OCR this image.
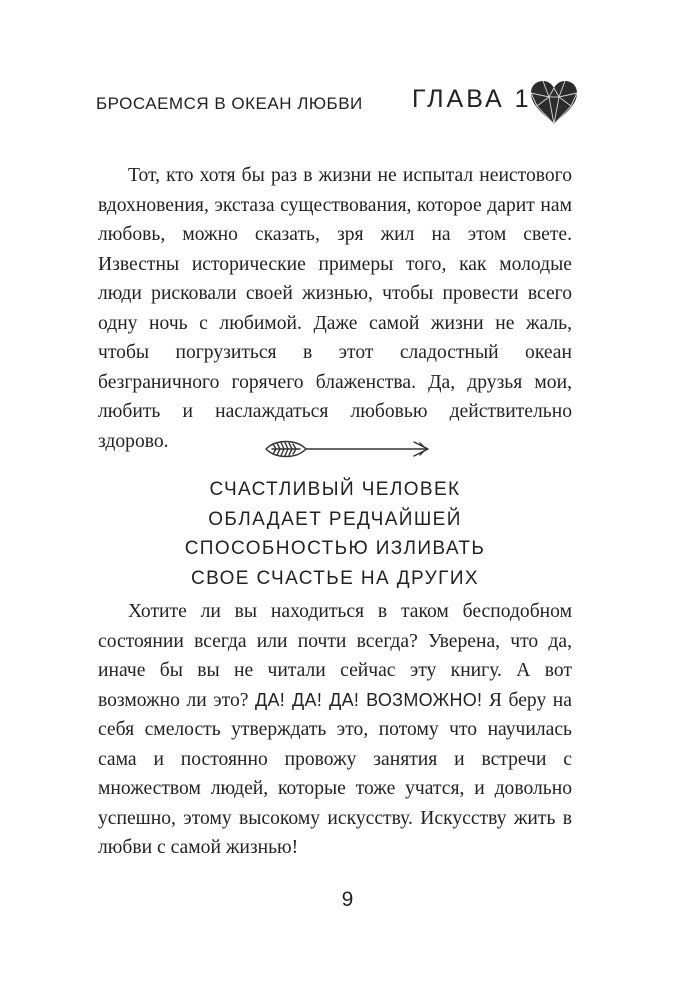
БРОСАЕМСЯ В ОКЕАН ЛЮБВИ ГЛАВА 1

Тот, кто хотя бы раз в жизни не испытал неистового вдохновения, экстаза существования, которое дарит нам любовь, можно сказать, зря жил на этом свете. Известны исторические примеры того, как молодые люди рисковали своей жизнью, чтобы провести всего одну ночь с любимой. Даже самой жизни не жаль, чтобы погрузиться в этот сладостный океан безграничного горячего блаженства. Да, друзья мои, любить и наслаждаться любовью действительно здорово.

СЧАСТЛИВЫЙ ЧЕЛОВЕК
ОБЛАДАЕТ РЕДЧАЙШЕЙ
СПОСОБНОСТЬЮ ИЗЛИВАТЬ
СВОЕ СЧАСТЬЕ НА ДРУГИХ

Хотите ли вы находиться в таком бесподобном состоянии всегда или почти всегда? Уверена, что да, иначе бы вы не читали сейчас эту книгу. А вот возможно ли это? ДА! ДА! ДА! ВОЗМОЖНО! Я беру на себя смелость утверждать это, потому что научилась сама и постоянно провожу занятия и встречи с множеством людей, которые тоже учатся, и довольно успешно, этому высокому искусству. Искусству жить в любви с самой жизнью!

9
